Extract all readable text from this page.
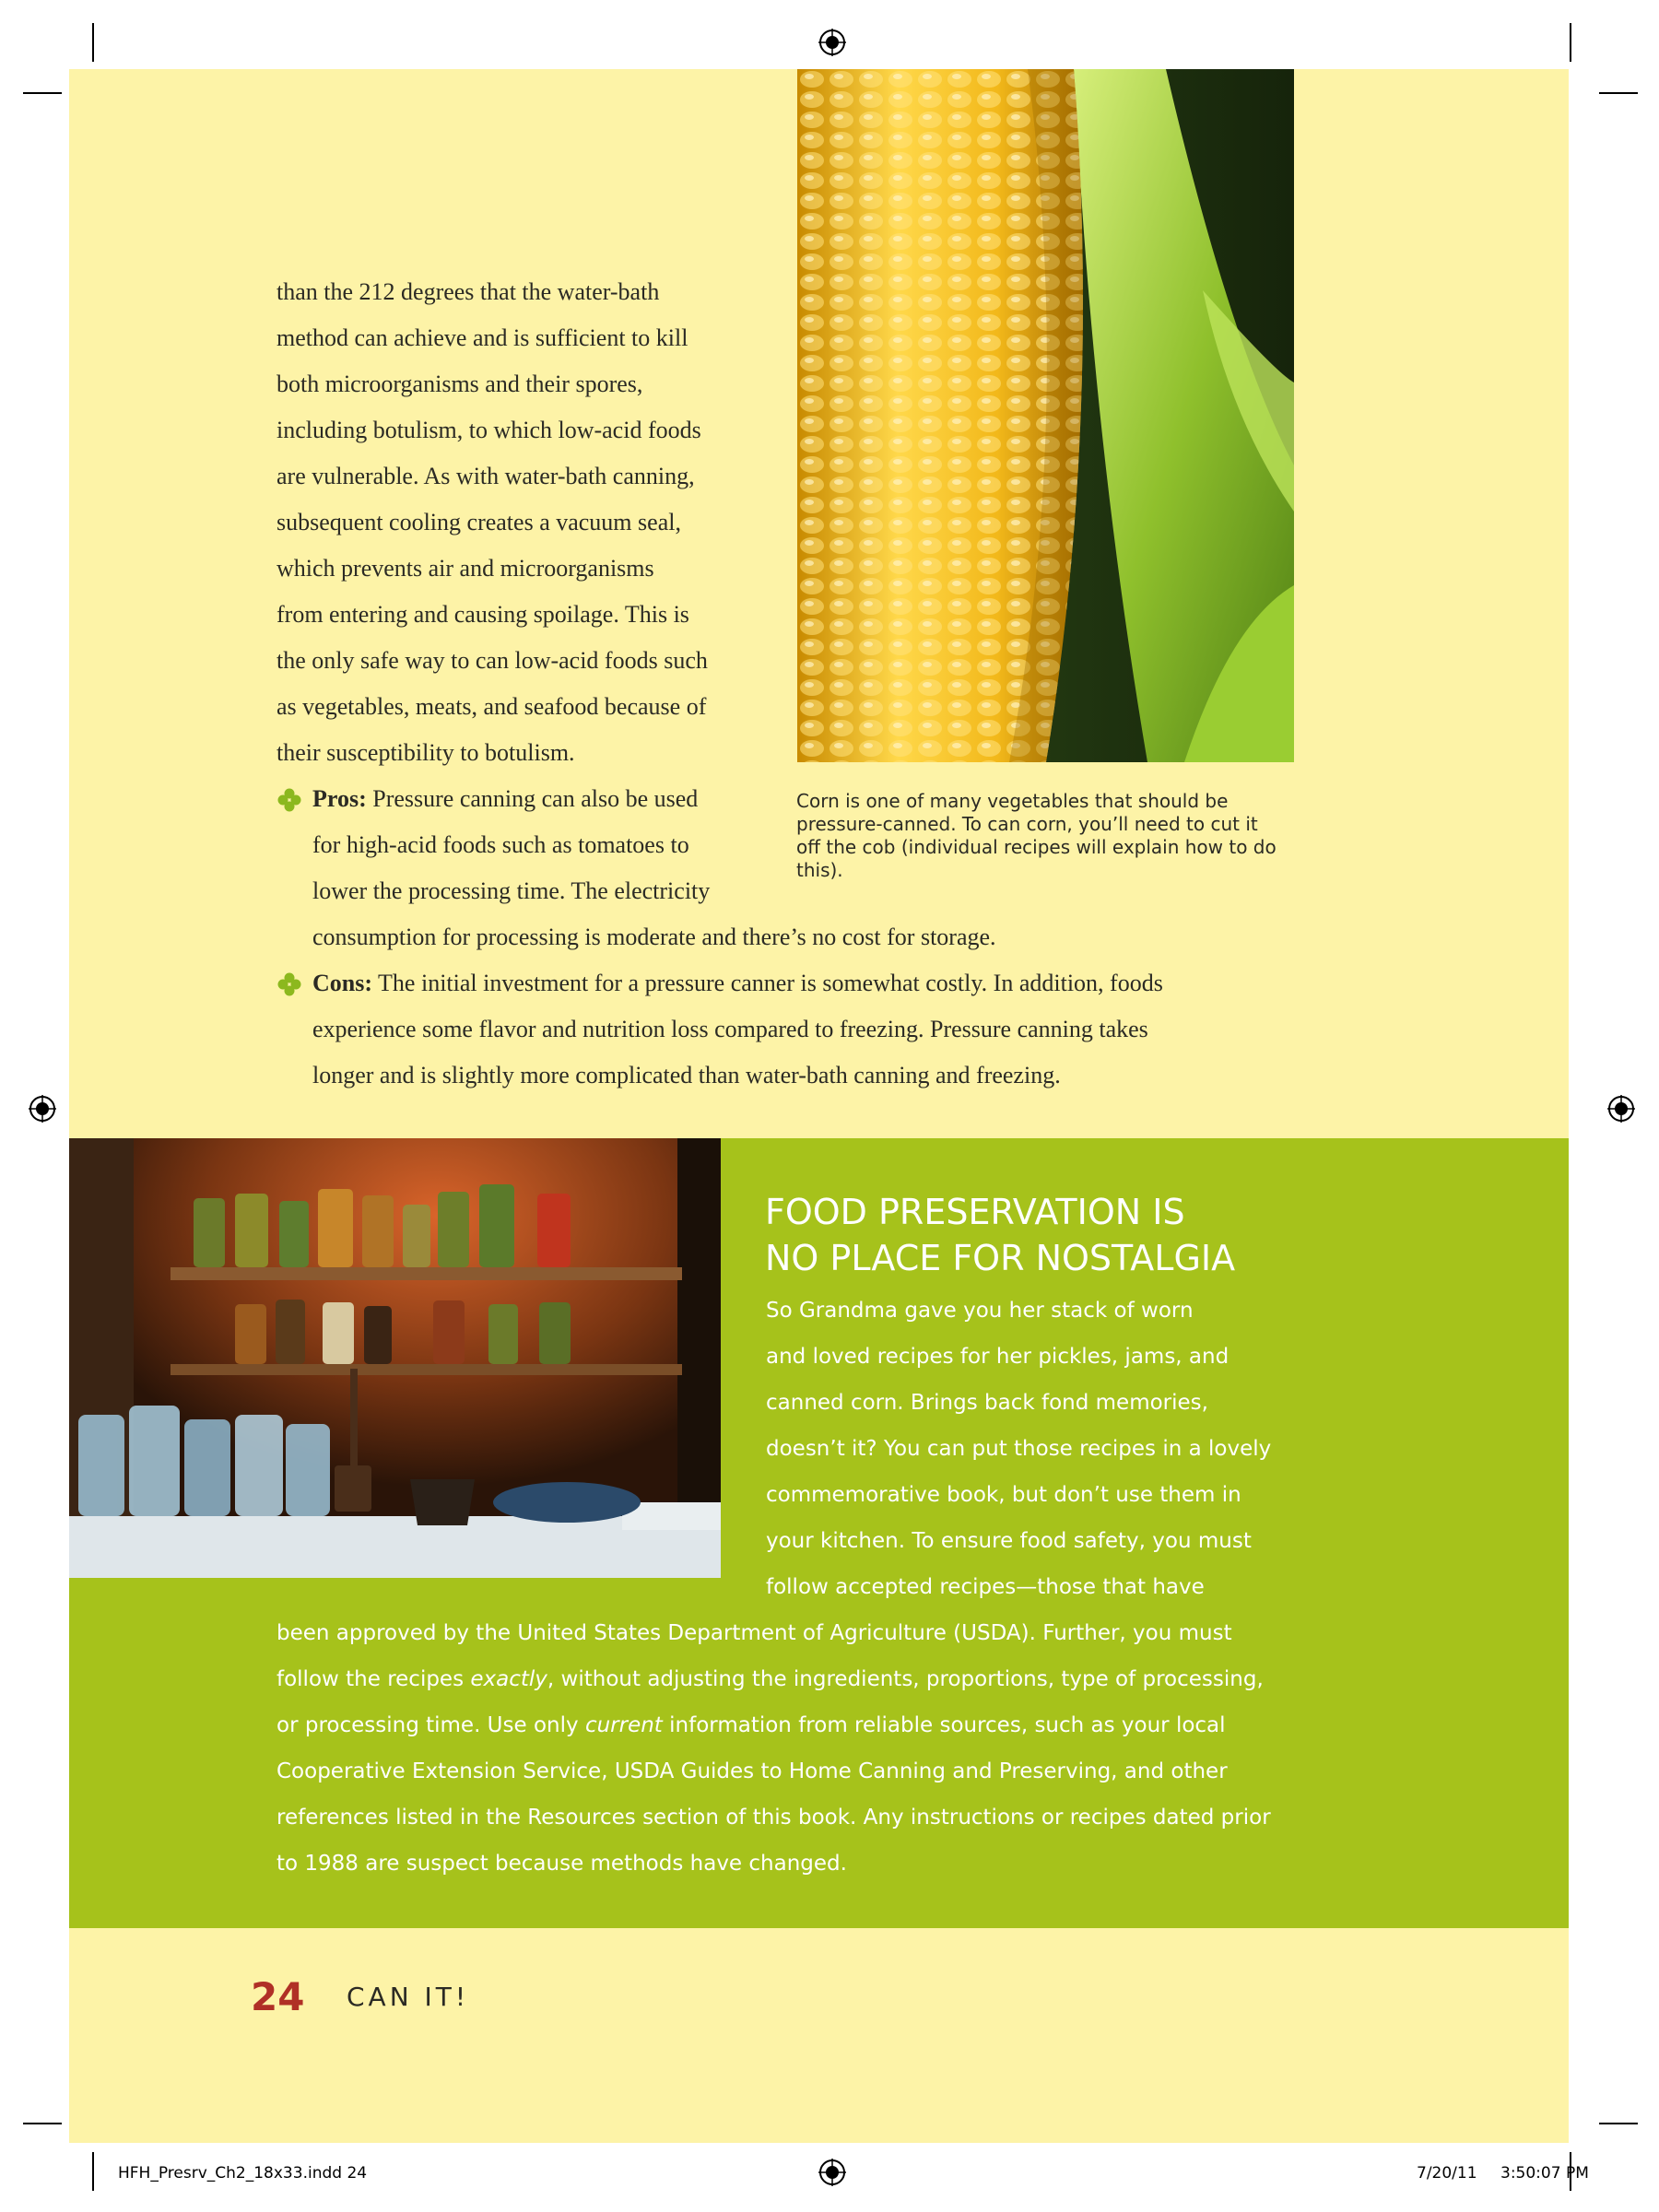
than the 212 degrees that the water-bath
method can achieve and is sufficient to kill
both microorganisms and their spores,
including botulism, to which low-acid foods
are vulnerable. As with water-bath canning,
subsequent cooling creates a vacuum seal,
which prevents air and microorganisms
from entering and causing spoilage. This is
the only safe way to can low-acid foods such
as vegetables, meats, and seafood because of
their susceptibility to botulism.
Pros: Pressure canning can also be used
for high-acid foods such as tomatoes to
lower the processing time. The electricity
consumption for processing is moderate and there’s no cost for storage.
Cons: The initial investment for a pressure canner is somewhat costly. In addition, foods
experience some flavor and nutrition loss compared to freezing. Pressure canning takes
longer and is slightly more complicated than water-bath canning and freezing.
Corn is one of many vegetables that should be pressure-canned. To can corn, you’ll need to cut it off the cob (individual recipes will explain how to do this).
FOOD PRESERVATION IS
NO PLACE FOR NOSTALGIA
So Grandma gave you her stack of worn
and loved recipes for her pickles, jams, and
canned corn. Brings back fond memories,
doesn’t it? You can put those recipes in a lovely
commemorative book, but don’t use them in
your kitchen. To ensure food safety, you must
follow accepted recipes—those that have
been approved by the United States Department of Agriculture (USDA). Further, you must
follow the recipes exactly, without adjusting the ingredients, proportions, type of processing,
or processing time. Use only current information from reliable sources, such as your local
Cooperative Extension Service, USDA Guides to Home Canning and Preserving, and other
references listed in the Resources section of this book. Any instructions or recipes dated prior
to 1988 are suspect because methods have changed.
24 CAN IT!
HFH_Presrv_Ch2_18x33.indd 24	7/20/11 3:50:07 PM
